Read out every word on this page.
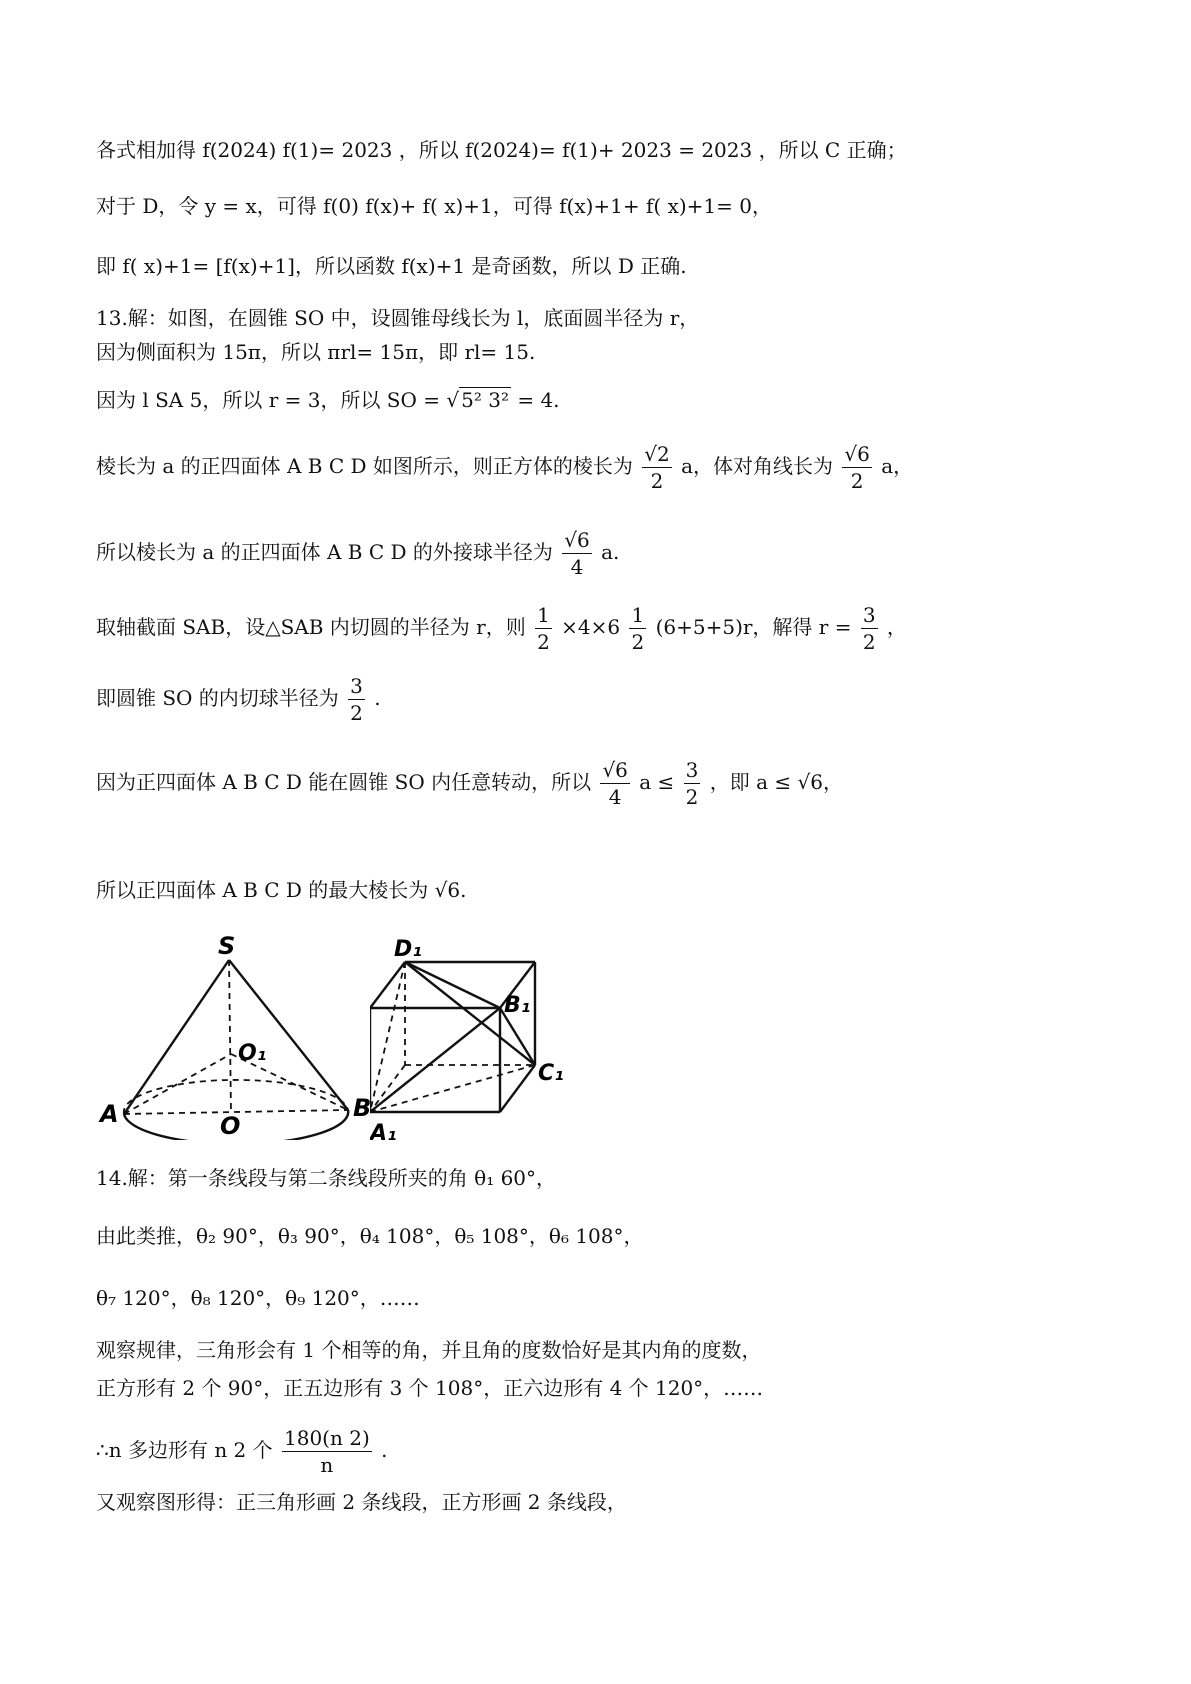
各式相加得 f(2024) f(1)= 2023 ，所以 f(2024)= f(1)+ 2023 = 2023 ，所以 C 正确；
对于 D，令 y = x，可得 f(0) f(x)+ f( x)+1，可得 f(x)+1+ f( x)+1= 0，
即 f( x)+1= [f(x)+1]，所以函数 f(x)+1 是奇函数，所以 D 正确.
13.解：如图，在圆锥 SO 中，设圆锥母线长为 l，底面圆半径为 r，
因为侧面积为 15π，所以 πrl= 15π，即 rl= 15.
因为 l SA 5，所以 r = 3，所以 SO = √ 5² 3² = 4.
棱长为 a 的正四面体 A B C D 如图所示，则正方体的棱长为 $\frac{√2}{2}$ a，体对角线长为 $\frac{√6}{2}$ a，
所以棱长为 a 的正四面体 A B C D 的外接球半径为 $\frac{√6}{4} a$.
取轴截面 SAB，设△SAB 内切圆的半径为 r，则 $\frac{1}{2} \times 4\times 6 \frac{1}{2} (6+5+5)r$，解得 $r = \frac{3}{2}$ ，
即圆锥 SO 的内切球半径为 $\frac{3}{2}$ .
因为正四面体 A B C D 能在圆锥 SO 内任意转动，所以 $\frac{√6}{4}$ $a \le \frac{3}{2}$ ，即 a ≤ √6，
所以正四面体 A B C D 的最大棱长为 √6.
S
O₁
A	O
B
D₁
B₁
C₁
A₁
14.解：第一条线段与第二条线段所夹的角 θ₁ 60°，
由此类推，θ₂ 90°，θ₃ 90°，θ₄ 108°，θ₅ 108°，θ₆ 108°，
θ₇ 120°，θ₈ 120°，θ₉ 120°，……
观察规律，三角形会有 1 个相等的角，并且角的度数恰好是其内角的度数，
正方形有 2 个 90°，正五边形有 3 个 108°，正六边形有 4 个 120°，……
∴n 多边形有 n 2 个 $\frac{180(n 2)}{n}$ .
又观察图形得：正三角形画 2 条线段，正方形画 2 条线段，
